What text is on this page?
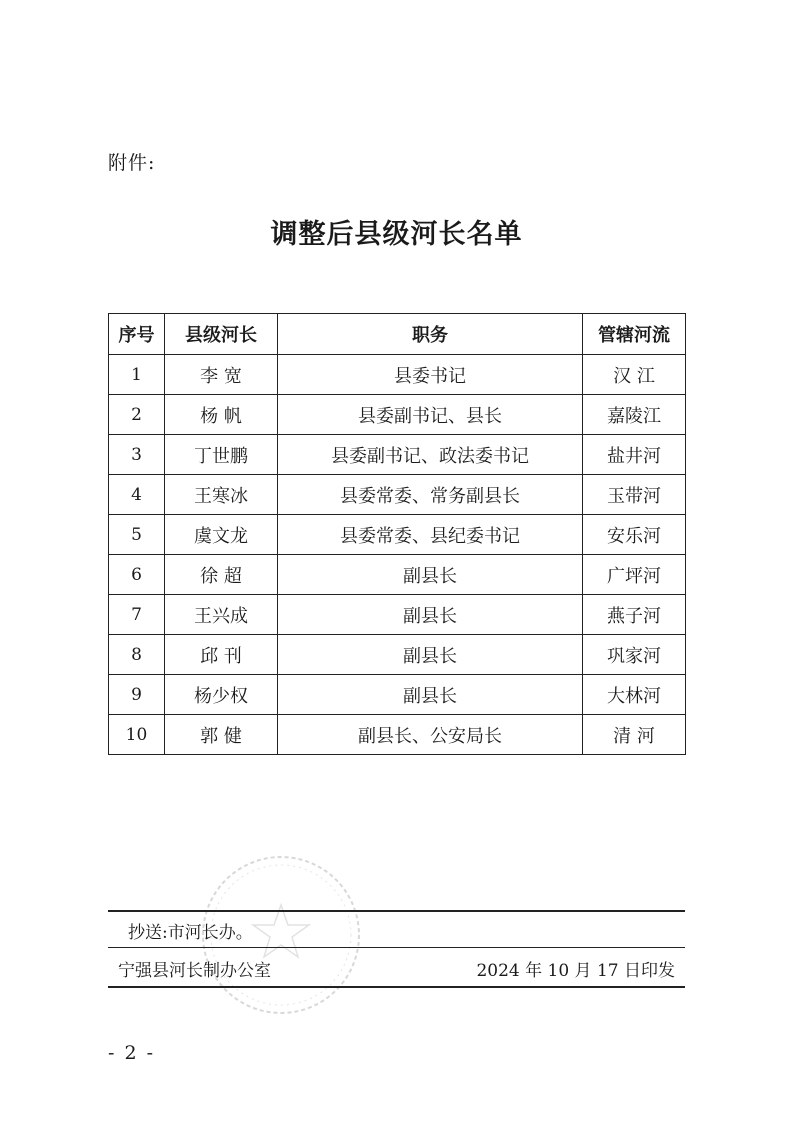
附件:
调整后县级河长名单
序号	县级河长	职务	管辖河流
1	李 宽	县委书记	汉 江
2	杨 帆	县委副书记、县长	嘉陵江
3	丁世鹏	县委副书记、政法委书记	盐井河
4	王寒冰	县委常委、常务副县长	玉带河
5	虞文龙	县委常委、县纪委书记	安乐河
6	徐 超	副县长	广坪河
7	王兴成	副县长	燕子河
8	邱 刊	副县长	巩家河
9	杨少权	副县长	大林河
10	郭 健	副县长、公安局长	清 河
抄送:市河长办。
宁强县河长制办公室	2024 年 10 月 17 日印发
- 2 -
